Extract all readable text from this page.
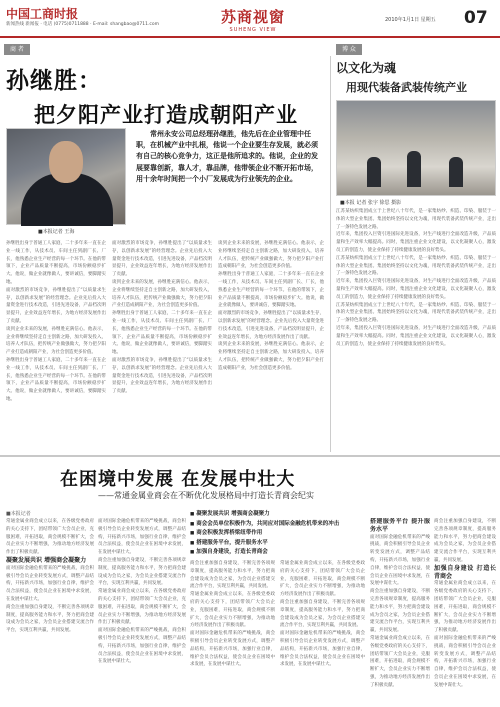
中国工商时报
新闻热线 新闻报 · 电话 (0775)0711888 · E-mail: shangbao@0711.com	苏商视窗
SUHENG VIEW
2010年1月1日 星期五 07
商 者
孙继胜：
把夕阳产业打造成朝阳产业
■本报记者 王海
常州永安公司总经理孙继胜，他先后在企业管理中任职，在机械产业中扎根，他说一个企业要生存发展，就必须有自己的核心竞争力，这正是他所追求的。他说，企业的发展要靠创新，靠人才，靠品牌，他带领企业不断开拓市场，用十余年时间把一个小厂发展成为行业领先的企业。
孙继胜出身于普通工人家庭，二十多年来一直在企业一线工作，从技术员、车间主任到副厂长、厂长，他熟悉企业生产经营的每一个环节。在他的带领下，企业产品质量不断提高，市场份额稳步扩大。他说，做企业就像做人，要讲诚信，要脚踏实地。
面对激烈的市场竞争，孙继胜提出了“以质量求生存，以创新求发展”的经营理念。企业先后投入大量资金进行技术改造，引进先进设备，产品档次明显提升，企业效益连年增长，为地方经济发展作出了贡献。
谈到企业未来的发展，孙继胜充满信心。他表示，企业将继续坚持走自主创新之路，加大研发投入，培养人才队伍，把传统产业做强做大，努力把夕阳产业打造成朝阳产业，为社会创造更多价值。
孙继胜出身于普通工人家庭，二十多年来一直在企业一线工作，从技术员、车间主任到副厂长、厂长，他熟悉企业生产经营的每一个环节。在他的带领下，企业产品质量不断提高，市场份额稳步扩大。他说，做企业就像做人，要讲诚信，要脚踏实地。
面对激烈的市场竞争，孙继胜提出了“以质量求生存，以创新求发展”的经营理念。企业先后投入大量资金进行技术改造，引进先进设备，产品档次明显提升，企业效益连年增长，为地方经济发展作出了贡献。
谈到企业未来的发展，孙继胜充满信心。他表示，企业将继续坚持走自主创新之路，加大研发投入，培养人才队伍，把传统产业做强做大，努力把夕阳产业打造成朝阳产业，为社会创造更多价值。
孙继胜出身于普通工人家庭，二十多年来一直在企业一线工作，从技术员、车间主任到副厂长、厂长，他熟悉企业生产经营的每一个环节。在他的带领下，企业产品质量不断提高，市场份额稳步扩大。他说，做企业就像做人，要讲诚信，要脚踏实地。
面对激烈的市场竞争，孙继胜提出了“以质量求生存，以创新求发展”的经营理念。企业先后投入大量资金进行技术改造，引进先进设备，产品档次明显提升，企业效益连年增长，为地方经济发展作出了贡献。
谈到企业未来的发展，孙继胜充满信心。他表示，企业将继续坚持走自主创新之路，加大研发投入，培养人才队伍，把传统产业做强做大，努力把夕阳产业打造成朝阳产业，为社会创造更多价值。
孙继胜出身于普通工人家庭，二十多年来一直在企业一线工作，从技术员、车间主任到副厂长、厂长，他熟悉企业生产经营的每一个环节。在他的带领下，企业产品质量不断提高，市场份额稳步扩大。他说，做企业就像做人，要讲诚信，要脚踏实地。
面对激烈的市场竞争，孙继胜提出了“以质量求生存，以创新求发展”的经营理念。企业先后投入大量资金进行技术改造，引进先进设备，产品档次明显提升，企业效益连年增长，为地方经济发展作出了贡献。
谈到企业未来的发展，孙继胜充满信心。他表示，企业将继续坚持走自主创新之路，加大研发投入，培养人才队伍，把传统产业做强做大，努力把夕阳产业打造成朝阳产业，为社会创造更多价值。
博 众
以文化为魂
用现代装备武装传统产业
■本报 记者 张宇 徐思 摄影
江苏某纺织集团成立于上世纪八十年代，是一家集纺纱、织造、印染、服装于一体的大型企业集团。集团始终坚持以文化为魂，用现代装备武装传统产业，走出了一条特色发展之路。
近年来，集团投入巨资引进国际先进设备，对生产线进行全面改造升级，产品质量和生产效率大幅提高。同时，集团注重企业文化建设，以文化凝聚人心，激发员工的创造力，使企业保持了持续健康发展的良好势头。
江苏某纺织集团成立于上世纪八十年代，是一家集纺纱、织造、印染、服装于一体的大型企业集团。集团始终坚持以文化为魂，用现代装备武装传统产业，走出了一条特色发展之路。
近年来，集团投入巨资引进国际先进设备，对生产线进行全面改造升级，产品质量和生产效率大幅提高。同时，集团注重企业文化建设，以文化凝聚人心，激发员工的创造力，使企业保持了持续健康发展的良好势头。
江苏某纺织集团成立于上世纪八十年代，是一家集纺纱、织造、印染、服装于一体的大型企业集团。集团始终坚持以文化为魂，用现代装备武装传统产业，走出了一条特色发展之路。
近年来，集团投入巨资引进国际先进设备，对生产线进行全面改造升级，产品质量和生产效率大幅提高。同时，集团注重企业文化建设，以文化凝聚人心，激发员工的创造力，使企业保持了持续健康发展的良好势头。
在困境中发展 在发展中壮大
——常通金属业商会在不断优化发展格局中打造长青商会纪实
■本报记者
■	凝聚发展共识 增强商会凝聚力
■ 商会会员单位积极作为，共同应对国际金融危机带来的冲击
■ 商会积极发挥桥梁纽带作用
■ 搭建服务平台，提升服务水平
■ 加强自身建设，打造长青商会
常通金属业商会成立以来，在各级党委政府的关心支持下，团结带领广大会员企业，克服困难，开拓进取，商会规模不断扩大，会员企业实力不断增强，为推动地方经济发展作出了积极贡献。
凝聚发展共识 增强商会凝聚力
面对国际金融危机带来的严峻挑战，商会积极引导会员企业转变发展方式，调整产品结构，开拓新兴市场，加强行业自律，维护会员合法权益，使会员企业在困境中求发展，在发展中谋壮大。
商会注重加强自身建设，不断完善各项规章制度，提高服务能力和水平，努力把商会建设成为会员之家，为会员企业搭建交流合作平台，实现互利共赢，共同发展。
面对国际金融危机带来的严峻挑战，商会积极引导会员企业转变发展方式，调整产品结构，开拓新兴市场，加强行业自律，维护会员合法权益，使会员企业在困境中求发展，在发展中谋壮大。
商会注重加强自身建设，不断完善各项规章制度，提高服务能力和水平，努力把商会建设成为会员之家，为会员企业搭建交流合作平台，实现互利共赢，共同发展。
常通金属业商会成立以来，在各级党委政府的关心支持下，团结带领广大会员企业，克服困难，开拓进取，商会规模不断扩大，会员企业实力不断增强，为推动地方经济发展作出了积极贡献。
面对国际金融危机带来的严峻挑战，商会积极引导会员企业转变发展方式，调整产品结构，开拓新兴市场，加强行业自律，维护会员合法权益，使会员企业在困境中求发展，在发展中谋壮大。
商会注重加强自身建设，不断完善各项规章制度，提高服务能力和水平，努力把商会建设成为会员之家，为会员企业搭建交流合作平台，实现互利共赢，共同发展。
常通金属业商会成立以来，在各级党委政府的关心支持下，团结带领广大会员企业，克服困难，开拓进取，商会规模不断扩大，会员企业实力不断增强，为推动地方经济发展作出了积极贡献。
面对国际金融危机带来的严峻挑战，商会积极引导会员企业转变发展方式，调整产品结构，开拓新兴市场，加强行业自律，维护会员合法权益，使会员企业在困境中求发展，在发展中谋壮大。
常通金属业商会成立以来，在各级党委政府的关心支持下，团结带领广大会员企业，克服困难，开拓进取，商会规模不断扩大，会员企业实力不断增强，为推动地方经济发展作出了积极贡献。
商会注重加强自身建设，不断完善各项规章制度，提高服务能力和水平，努力把商会建设成为会员之家，为会员企业搭建交流合作平台，实现互利共赢，共同发展。
面对国际金融危机带来的严峻挑战，商会积极引导会员企业转变发展方式，调整产品结构，开拓新兴市场，加强行业自律，维护会员合法权益，使会员企业在困境中求发展，在发展中谋壮大。
搭建服务平台 提升服务水平
面对国际金融危机带来的严峻挑战，商会积极引导会员企业转变发展方式，调整产品结构，开拓新兴市场，加强行业自律，维护会员合法权益，使会员企业在困境中求发展，在发展中谋壮大。
商会注重加强自身建设，不断完善各项规章制度，提高服务能力和水平，努力把商会建设成为会员之家，为会员企业搭建交流合作平台，实现互利共赢，共同发展。
常通金属业商会成立以来，在各级党委政府的关心支持下，团结带领广大会员企业，克服困难，开拓进取，商会规模不断扩大，会员企业实力不断增强，为推动地方经济发展作出了积极贡献。
商会注重加强自身建设，不断完善各项规章制度，提高服务能力和水平，努力把商会建设成为会员之家，为会员企业搭建交流合作平台，实现互利共赢，共同发展。
加强自身建设 打造长青商会
常通金属业商会成立以来，在各级党委政府的关心支持下，团结带领广大会员企业，克服困难，开拓进取，商会规模不断扩大，会员企业实力不断增强，为推动地方经济发展作出了积极贡献。
面对国际金融危机带来的严峻挑战，商会积极引导会员企业转变发展方式，调整产品结构，开拓新兴市场，加强行业自律，维护会员合法权益，使会员企业在困境中求发展，在发展中谋壮大。
